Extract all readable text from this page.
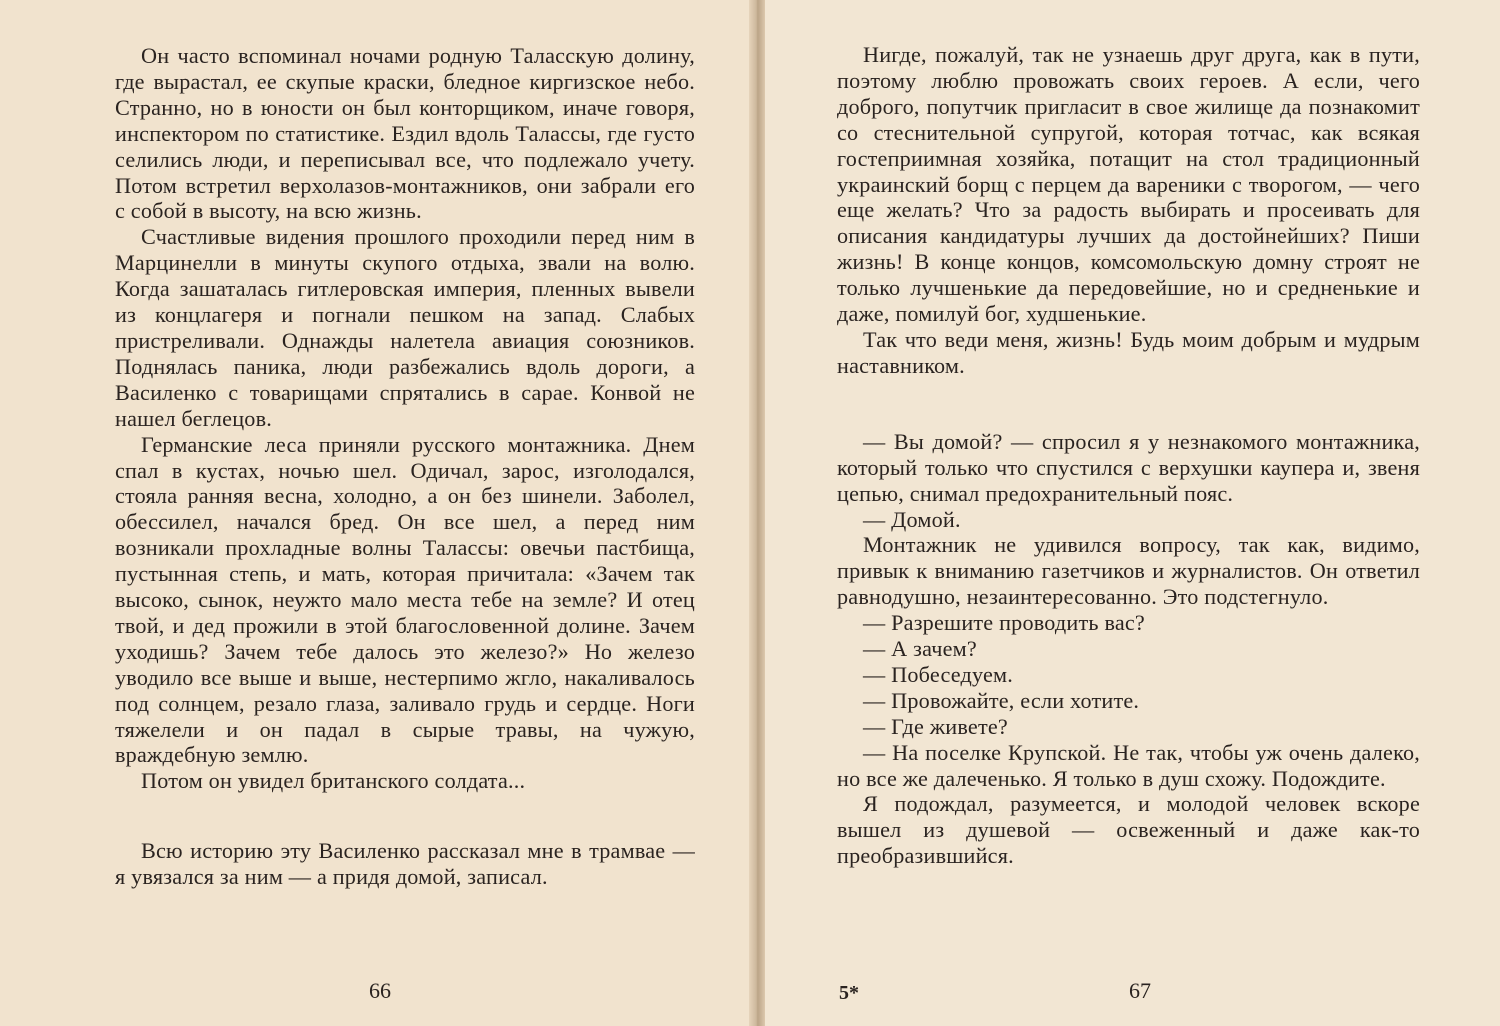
Он часто вспоминал ночами родную Таласскую долину, где вырастал, ее скупые краски, бледное киргизское небо. Странно, но в юности он был конторщиком, иначе говоря, инспектором по статистике. Ездил вдоль Талассы, где густо селились люди, и переписывал все, что подлежало учету. Потом встретил верхолазов-монтажников, они забрали его с собой в высоту, на всю жизнь.

Счастливые видения прошлого проходили перед ним в Марцинелли в минуты скупого отдыха, звали на волю. Когда зашаталась гитлеровская империя, пленных вывели из концлагеря и погнали пешком на запад. Слабых пристреливали. Однажды налетела авиация союзников. Поднялась паника, люди разбежались вдоль дороги, а Василенко с товарищами спрятались в сарае. Конвой не нашел беглецов.

Германские леса приняли русского монтажника. Днем спал в кустах, ночью шел. Одичал, зарос, изголодался, стояла ранняя весна, холодно, а он без шинели. Заболел, обессилел, начался бред. Он все шел, а перед ним возникали прохладные волны Талассы: овечьи пастбища, пустынная степь, и мать, которая причитала: «Зачем так высоко, сынок, неужто мало места тебе на земле? И отец твой, и дед прожили в этой благословенной долине. Зачем уходишь? Зачем тебе далось это железо?» Но железо уводило все выше и выше, нестерпимо жгло, накаливалось под солнцем, резало глаза, заливало грудь и сердце. Ноги тяжелели и он падал в сырые травы, на чужую, враждебную землю.

Потом он увидел британского солдата...

Всю историю эту Василенко рассказал мне в трамвае — я увязался за ним — а придя домой, записал.

66

Нигде, пожалуй, так не узнаешь друг друга, как в пути, поэтому люблю провожать своих героев. А если, чего доброго, попутчик пригласит в свое жилище да познакомит со стеснительной супругой, которая тотчас, как всякая гостеприимная хозяйка, потащит на стол традиционный украинский борщ с перцем да вареники с творогом, — чего еще желать? Что за радость выбирать и просеивать для описания кандидатуры лучших да достойнейших? Пиши жизнь! В конце концов, комсомольскую домну строят не только лучшенькие да передовейшие, но и средненькие и даже, помилуй бог, худшенькие.

Так что веди меня, жизнь! Будь моим добрым и мудрым наставником.

— Вы домой? — спросил я у незнакомого монтажника, который только что спустился с верхушки каупера и, звеня цепью, снимал предохранительный пояс.

— Домой.

Монтажник не удивился вопросу, так как, видимо, привык к вниманию газетчиков и журналистов. Он ответил равнодушно, незаинтересованно. Это подстегнуло.

— Разрешите проводить вас?

— А зачем?

— Побеседуем.

— Провожайте, если хотите.

— Где живете?

— На поселке Крупской. Не так, чтобы уж очень далеко, но все же далеченько. Я только в душ схожу. Подождите.

Я подождал, разумеется, и молодой человек вскоре вышел из душевой — освеженный и даже как-то преобразившийся.

5*	67
